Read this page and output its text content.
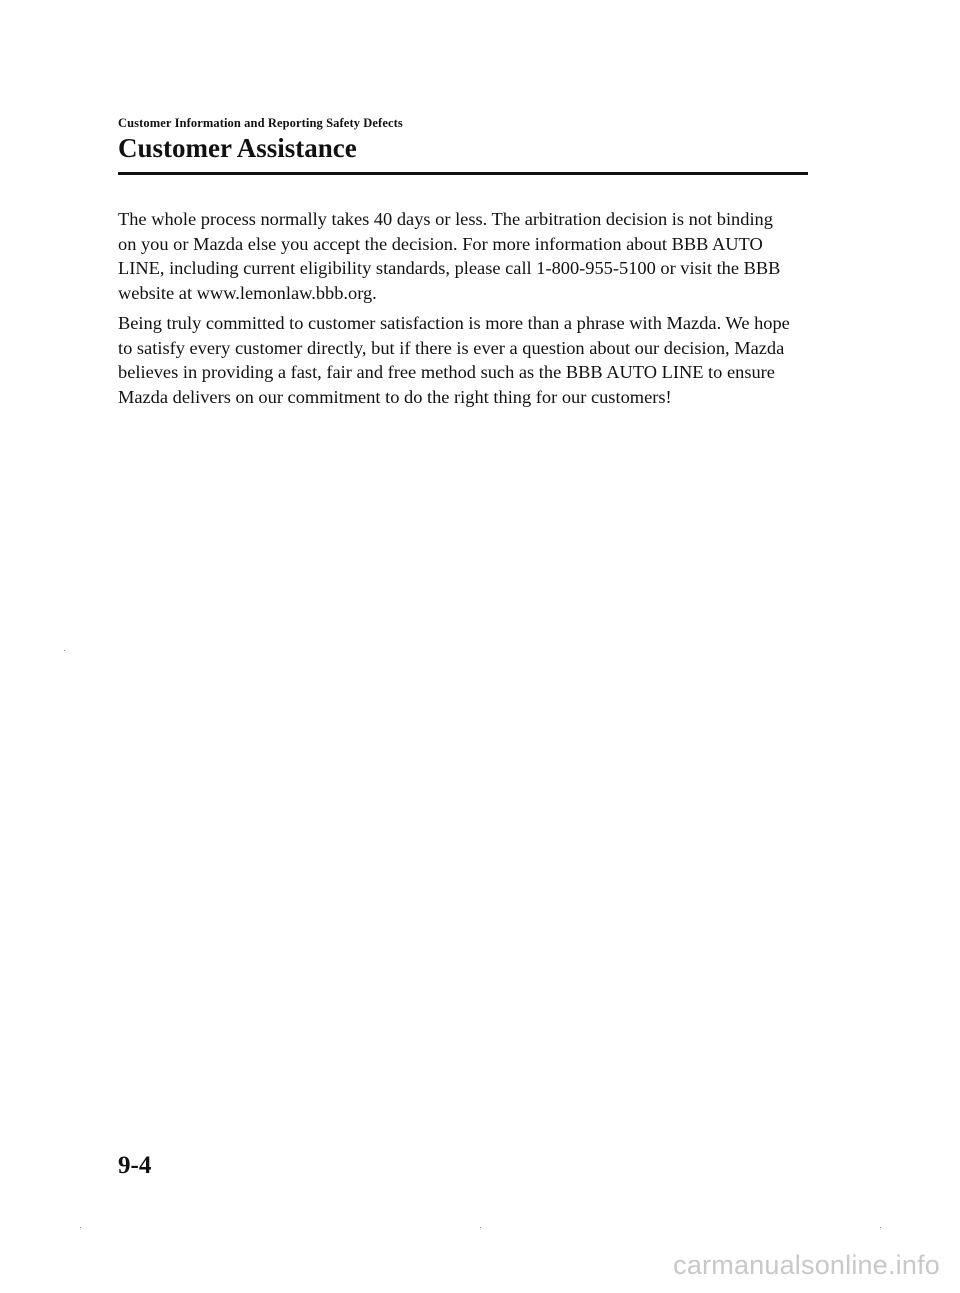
Customer Information and Reporting Safety Defects
Customer Assistance

The whole process normally takes 40 days or less. The arbitration decision is not binding
on you or Mazda else you accept the decision. For more information about BBB AUTO
LINE, including current eligibility standards, please call 1-800-955-5100 or visit the BBB
website at www.lemonlaw.bbb.org.

Being truly committed to customer satisfaction is more than a phrase with Mazda. We hope
to satisfy every customer directly, but if there is ever a question about our decision, Mazda
believes in providing a fast, fair and free method such as the BBB AUTO LINE to ensure
Mazda delivers on our commitment to do the right thing for our customers!

9-4
carmanualsonline.info
